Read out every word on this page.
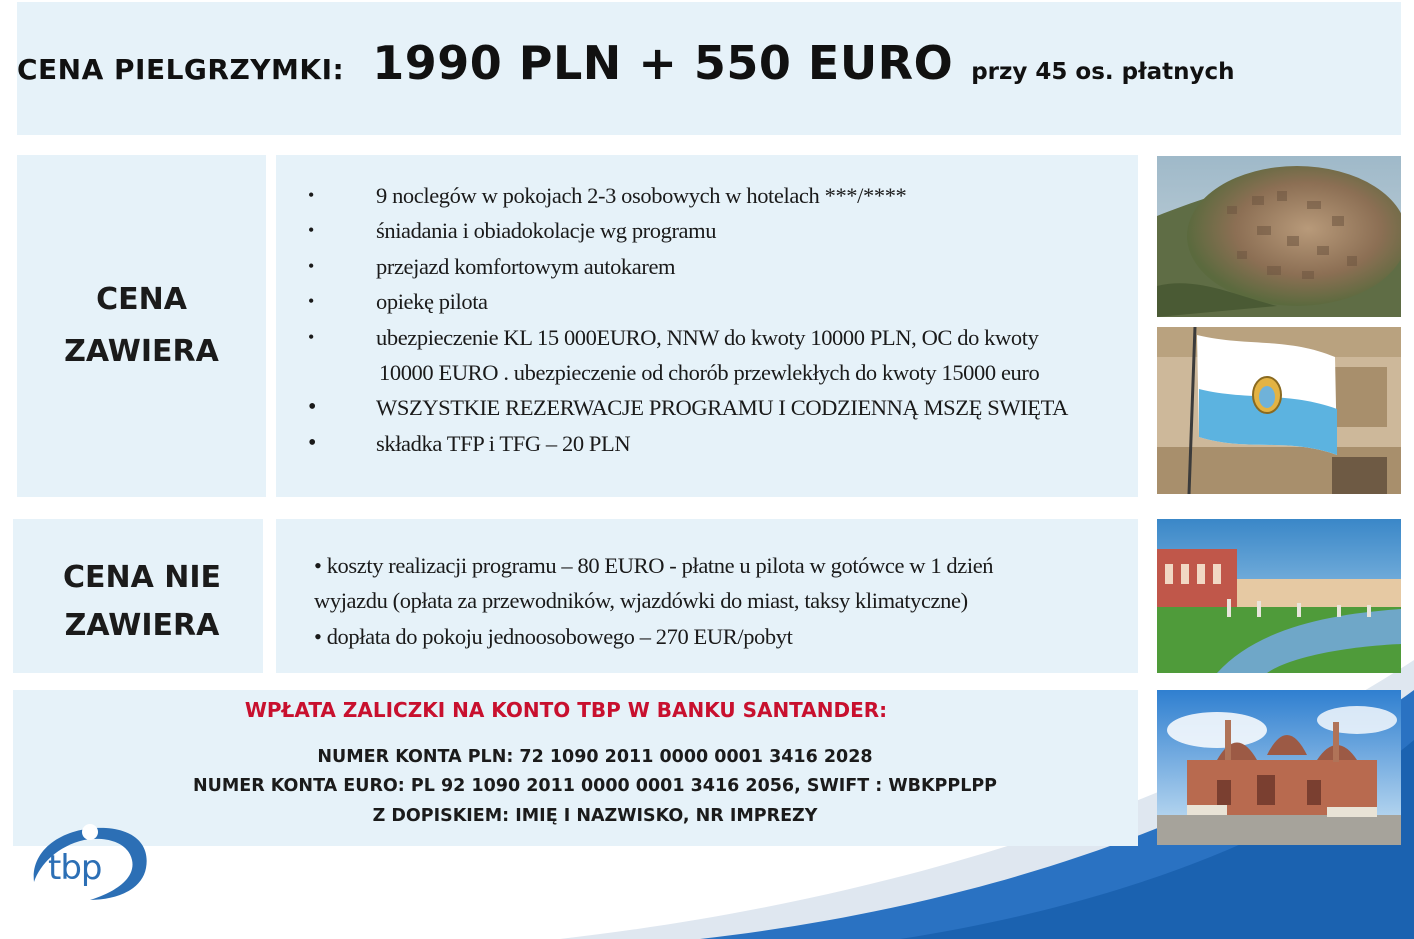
CENA PIELGRZYMKI: 1990 PLN + 550 EURO przy 45 os. płatnych
CENA
ZAWIERA
•	9 noclegów w pokojach 2-3 osobowych w hotelach ***/****
•	śniadania i obiadokolacje wg programu
•	przejazd komfortowym autokarem
•	opiekę pilota
•	ubezpieczenie KL 15 000EURO, NNW do kwoty 10000 PLN, OC do kwoty
10000 EURO . ubezpieczenie od chorób przewlekłych do kwoty 15000 euro
•	WSZYSTKIE REZERWACJE PROGRAMU I CODZIENNĄ MSZĘ SWIĘTA
•	składka TFP i TFG – 20 PLN
CENA NIE
ZAWIERA
• koszty realizacji programu – 80 EURO - płatne u pilota w gotówce w 1 dzień
wyjazdu (opłata za przewodników, wjazdówki do miast, taksy klimatyczne)
• dopłata do pokoju jednoosobowego – 270 EUR/pobyt
WPŁATA ZALICZKI NA KONTO TBP W BANKU SANTANDER:
NUMER KONTA PLN: 72 1090 2011 0000 0001 3416 2028
NUMER KONTA EURO: PL 92 1090 2011 0000 0001 3416 2056, SWIFT : WBKPPLPP
Z DOPISKIEM: IMIĘ I NAZWISKO, NR IMPREZY
tbp
